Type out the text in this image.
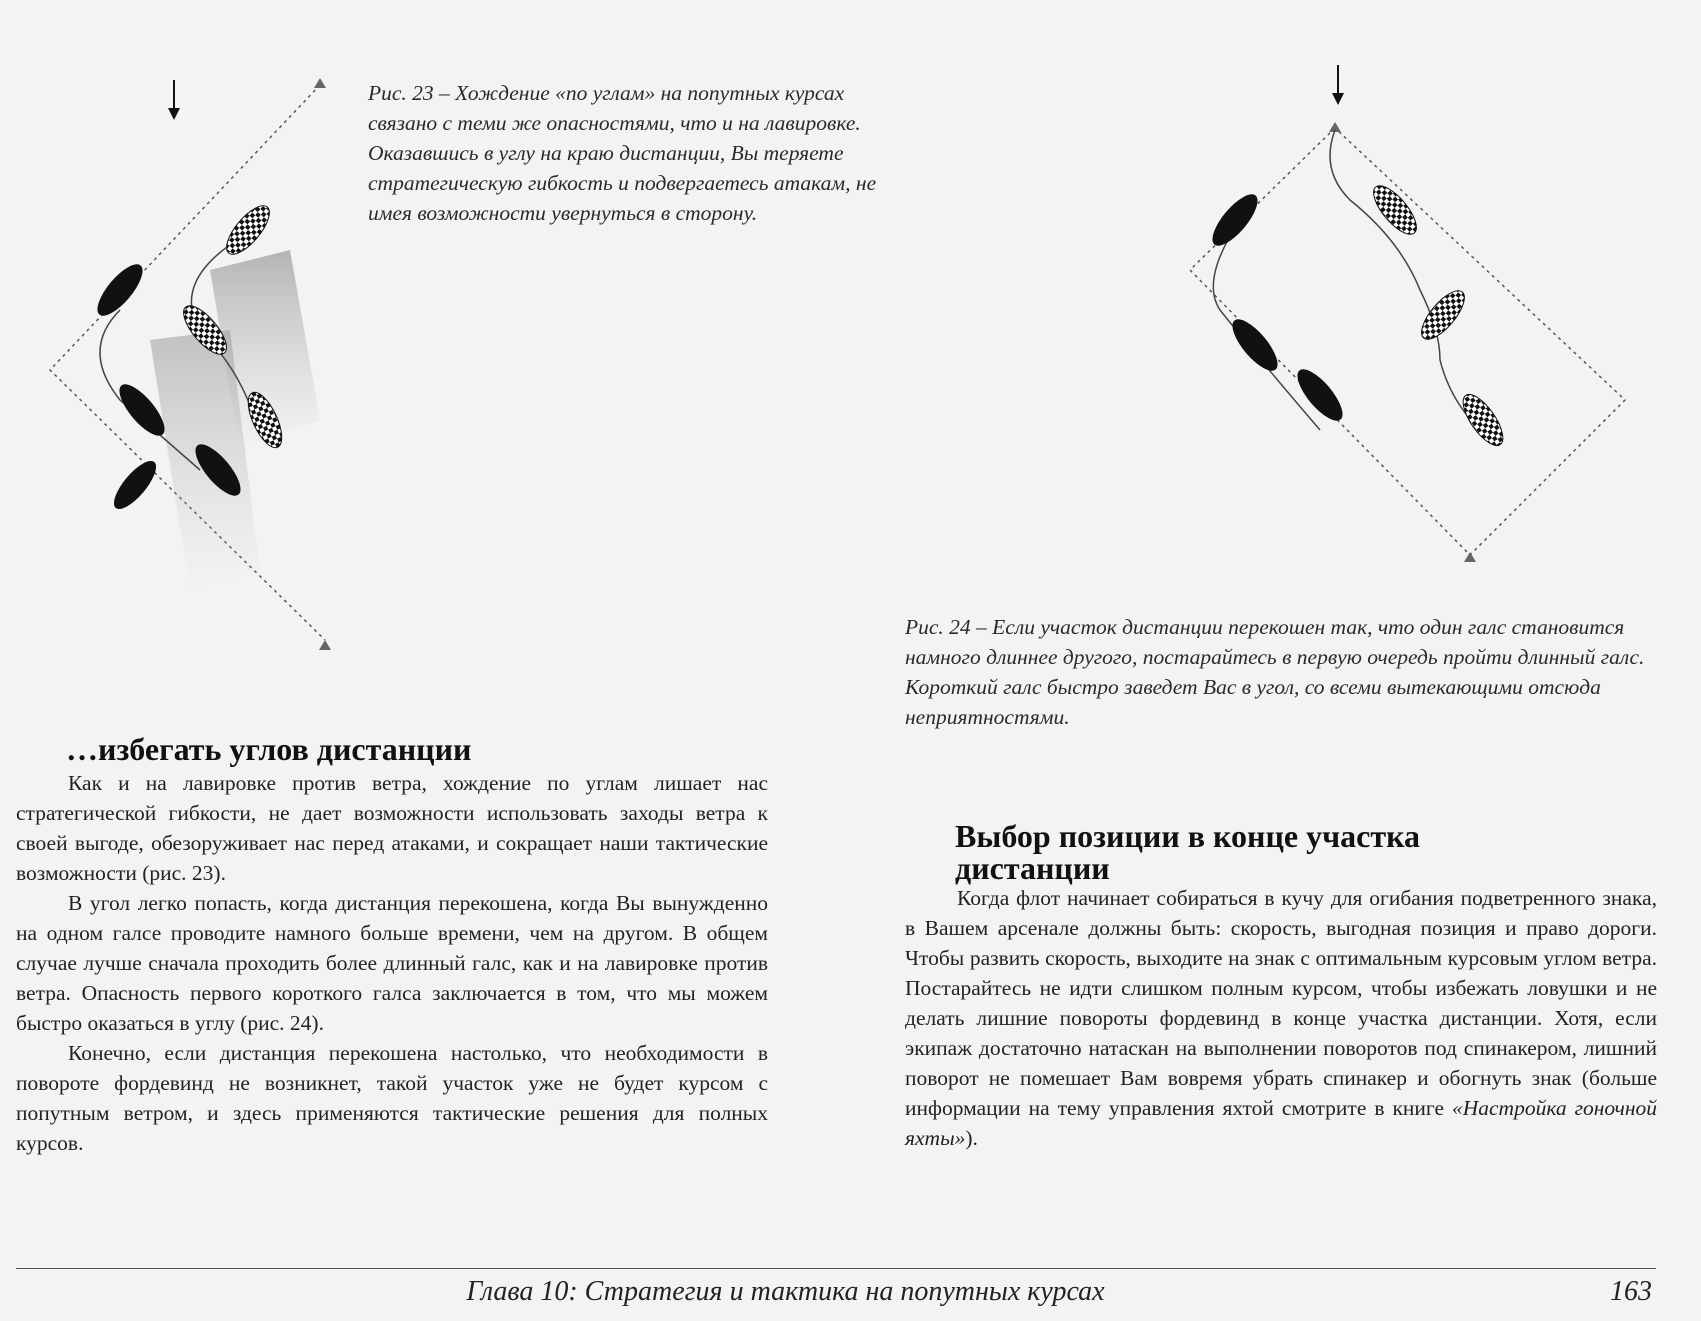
Рис. 23 – Хождение «по углам» на попутных курсах связано с теми же опасностями, что и на лавировке. Оказавшись в углу на краю дистанции, Вы теряете стратегическую гибкость и подвергаетесь атакам, не имея возможности увернуться в сторону.
Рис. 24 – Если участок дистанции перекошен так, что один галс становится намного длиннее другого, постарайтесь в первую очередь пройти длинный галс. Короткий галс быстро заведет Вас в угол, со всеми вытекающими отсюда неприятностями.
…избегать углов дистанции

Как и на лавировке против ветра, хождение по углам лишает нас стратегической гибкости, не дает возможности использовать заходы ветра к своей выгоде, обезоруживает нас перед атаками, и сокращает наши тактические возможности (рис. 23).

В угол легко попасть, когда дистанция перекошена, когда Вы вынужденно на одном галсе проводите намного больше времени, чем на другом. В общем случае лучше сначала проходить более длинный галс, как и на лавировке против ветра. Опасность первого короткого галса заключается в том, что мы можем быстро оказаться в углу (рис. 24).

Конечно, если дистанция перекошена настолько, что необходимости в повороте фордевинд не возникнет, такой участок уже не будет курсом с попутным ветром, и здесь применяются тактические решения для полных курсов.

Выбор позиции в конце участка дистанции

Когда флот начинает собираться в кучу для огибания подветренного знака, в Вашем арсенале должны быть: скорость, выгодная позиция и право дороги. Чтобы развить скорость, выходите на знак с оптимальным курсовым углом ветра. Постарайтесь не идти слишком полным курсом, чтобы избежать ловушки и не делать лишние повороты фордевинд в конце участка дистанции. Хотя, если экипаж достаточно натаскан на выполнении поворотов под спинакером, лишний поворот не помешает Вам вовремя убрать спинакер и обогнуть знак (больше информации на тему управления яхтой смотрите в книге «Настройка гоночной яхты»).

Глава 10: Стратегия и тактика на попутных курсах	163
